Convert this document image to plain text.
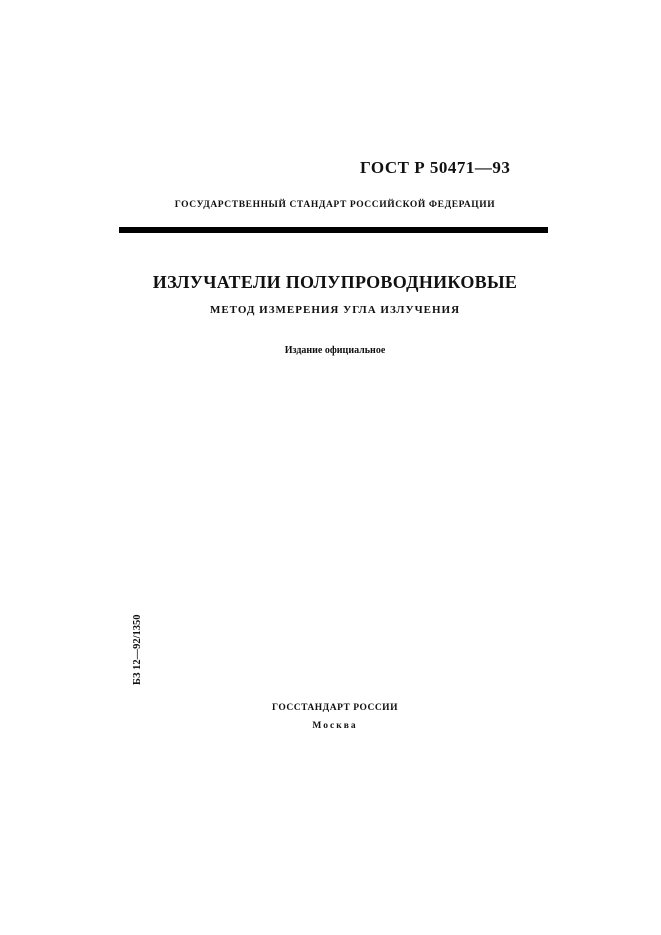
ГОСТ Р 50471—93
ГОСУДАРСТВЕННЫЙ СТАНДАРТ РОССИЙСКОЙ ФЕДЕРАЦИИ
ИЗЛУЧАТЕЛИ ПОЛУПРОВОДНИКОВЫЕ
МЕТОД ИЗМЕРЕНИЯ УГЛА ИЗЛУЧЕНИЯ
Издание официальное
БЗ 12—92/1350
ГОССТАНДАРТ РОССИИ
Москва
